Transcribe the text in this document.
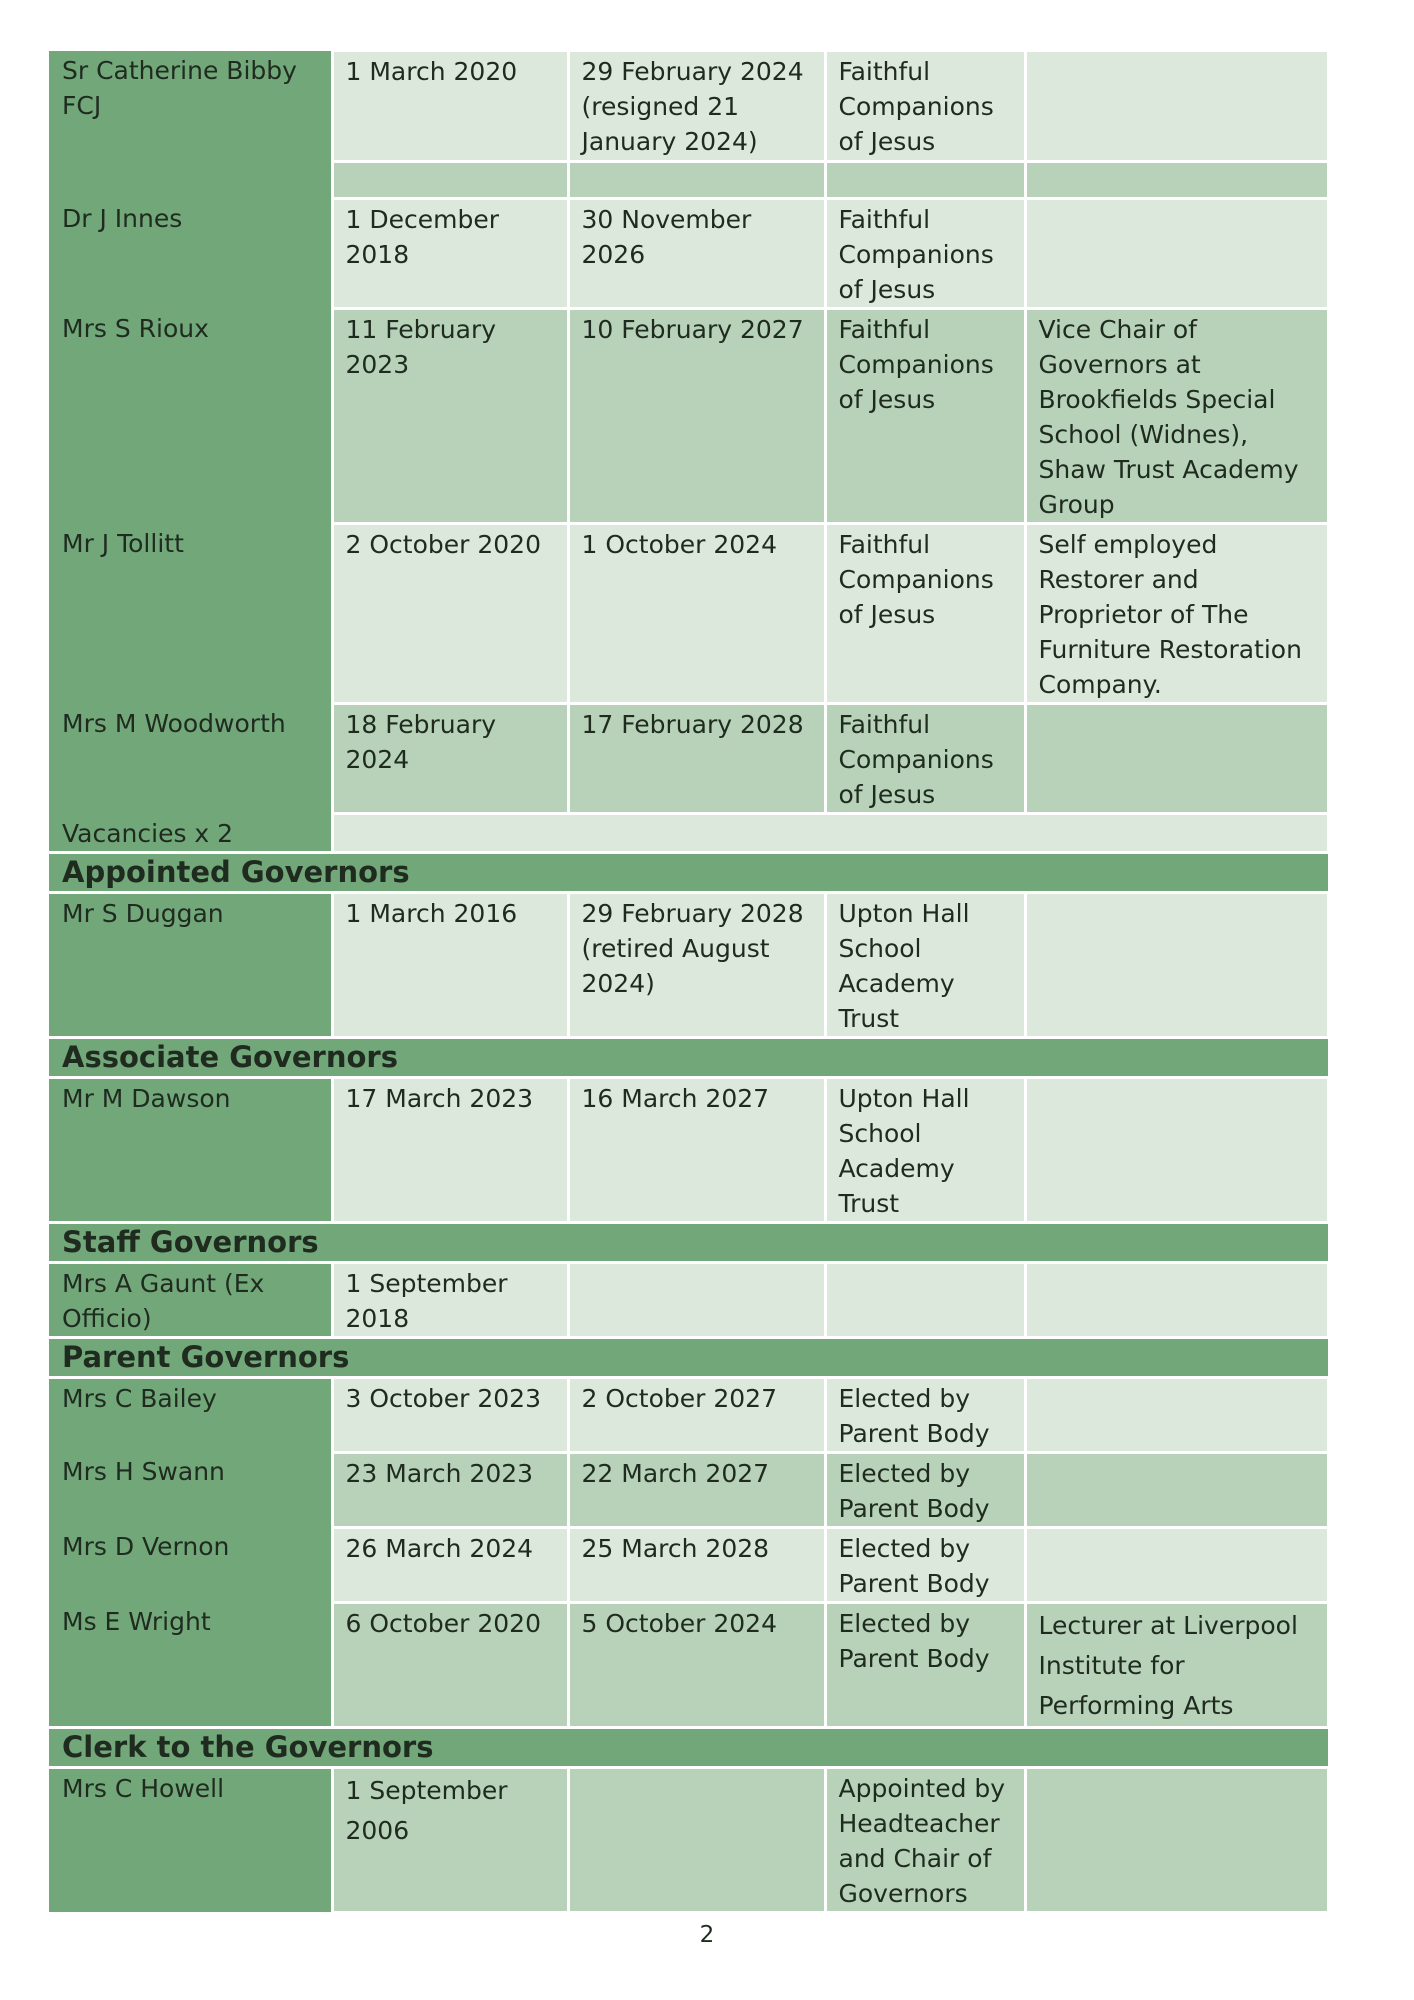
Sr Catherine Bibby FCJ	1 March 2020	29 February 2024 (resigned 21 January 2024)	Faithful Companions of Jesus	

Dr J Innes	1 December 2018	30 November 2026	Faithful Companions of Jesus	
Mrs S Rioux	11 February 2023	10 February 2027	Faithful Companions of Jesus	Vice Chair of Governors at Brookfields Special School (Widnes), Shaw Trust Academy Group
Mr J Tollitt	2 October 2020	1 October 2024	Faithful Companions of Jesus	Self employed Restorer and Proprietor of The Furniture Restoration Company.
Mrs M Woodworth	18 February 2024	17 February 2028	Faithful Companions of Jesus	
Vacancies x 2				
Appointed Governors				
Mr S Duggan	1 March 2016	29 February 2028 (retired August 2024)	Upton Hall School Academy Trust	
Associate Governors				
Mr M Dawson	17 March 2023	16 March 2027	Upton Hall School Academy Trust	
Staff Governors				
Mrs A Gaunt (Ex Officio)	1 September 2018			
Parent Governors				
Mrs C Bailey	3 October 2023	2 October 2027	Elected by Parent Body	
Mrs H Swann	23 March 2023	22 March 2027	Elected by Parent Body	
Mrs D Vernon	26 March 2024	25 March 2028	Elected by Parent Body	
Ms E Wright	6 October 2020	5 October 2024	Elected by Parent Body	Lecturer at Liverpool Institute for Performing Arts
Clerk to the Governors				
Mrs C Howell	1 September 2006		Appointed by Headteacher and Chair of Governors	
2
